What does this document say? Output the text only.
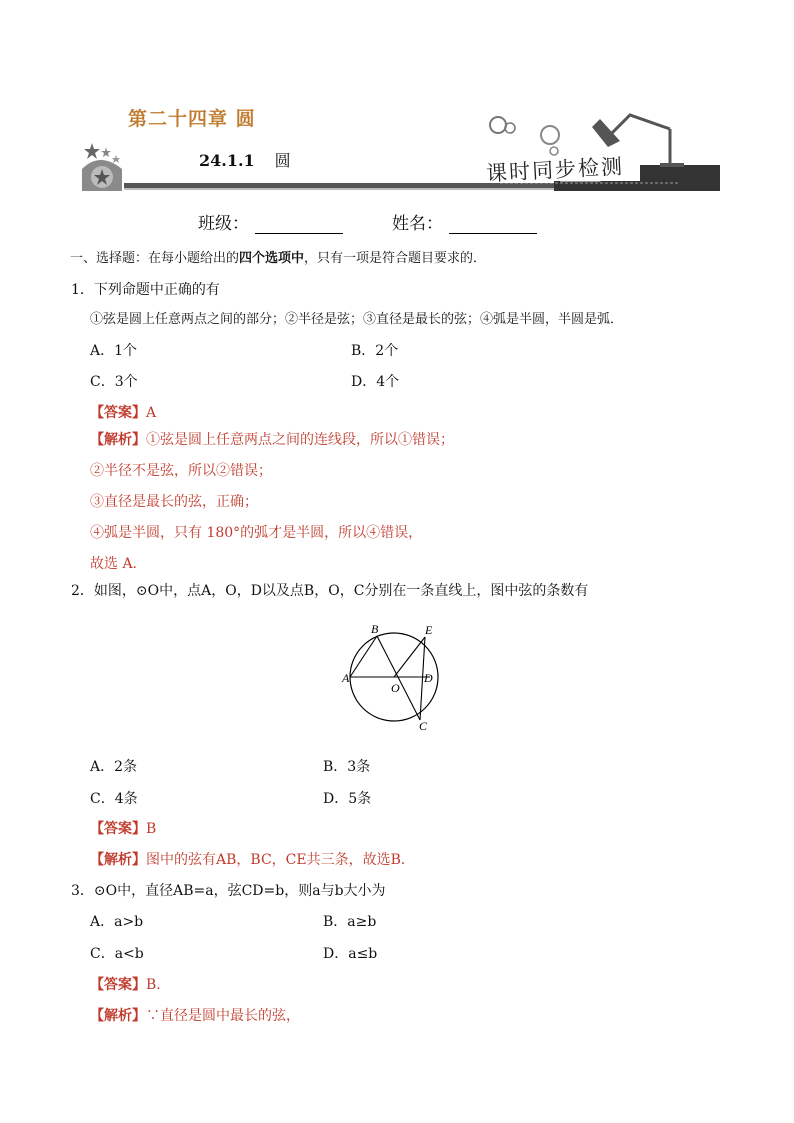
第二十四章 圆
24.1.1 圆	课时同步检测
班级：	姓名：
一、选择题：在每小题给出的四个选项中，只有一项是符合题目要求的．
1．下列命题中正确的有
①弦是圆上任意两点之间的部分；②半径是弦；③直径是最长的弦；④弧是半圆，半圆是弧．
A．1个	B．2个
C．3个	D．4个
【答案】A
【解析】①弦是圆上任意两点之间的连线段，所以①错误；
②半径不是弦，所以②错误；
③直径是最长的弦，正确；
④弧是半圆，只有 180°的弧才是半圆，所以④错误，
故选 A．
2．如图，⊙O中，点A，O，D以及点B，O，C分别在一条直线上，图中弦的条数有
A
B	E
O
D
C
A．2条	B．3条
C．4条	D．5条
【答案】B
【解析】图中的弦有AB，BC，CE共三条，故选B．
3．⊙O中，直径AB=a，弦CD=b，则a与b大小为
A．a>b	B．a≥b
C．a<b	D．a≤b
【答案】B.
【解析】∵直径是圆中最长的弦，
